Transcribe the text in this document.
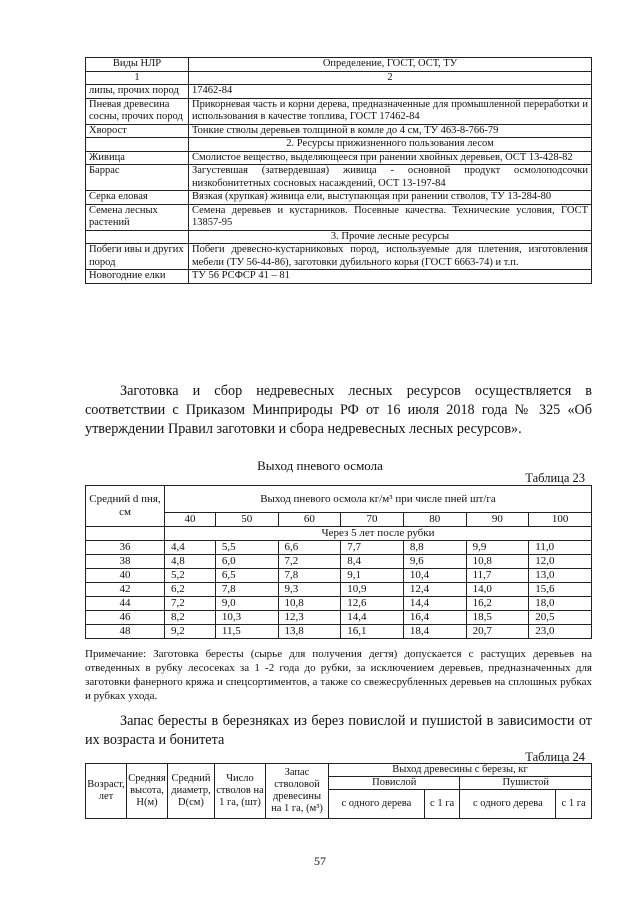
Виды НЛР	Определение, ГОСТ, ОСТ, ТУ
1	2
липы, прочих пород	17462-84
Пневая древесина сосны, прочих пород	Прикорневая часть и корни дерева, предназначенные для промышленной переработки и использования в качестве топлива, ГОСТ 17462-84
Хворост	Тонкие стволы деревьев толщиной в комле до 4 см, ТУ 463-8-766-79
	2. Ресурсы прижизненного пользования лесом
Живица	Смолистое вещество, выделяющееся при ранении хвойных деревьев, ОСТ 13-428-82
Баррас	Загустевшая (затвердевшая) живица - основной продукт осмолоподсочки низкобонитетных сосновых насаждений, ОСТ 13-197-84
Серка еловая	Вязкая (хрупкая) живица ели, выступающая при ранении стволов, ТУ 13-284-80
Семена лесных растений	Семена деревьев и кустарников. Посевные качества. Технические условия, ГОСТ 13857-95
	3. Прочие лесные ресурсы
Побеги ивы и других пород	Побеги древесно-кустарниковых пород, используемые для плетения, изготовления мебели (ТУ 56-44-86), заготовки дубильного корья (ГОСТ 6663-74) и т.п.
Новогодние елки	ТУ 56 РСФСР 41 – 81

Заготовка и сбор недревесных лесных ресурсов осуществляется в соответствии с Приказом Минприроды РФ от 16 июля 2018 года № 325 «Об утверждении Правил заготовки и сбора недревесных лесных ресурсов».

Выход пневого осмола
Таблица 23
Средний d пня, см	Выход пневого осмола кг/м³ при числе пней шт/га						
	40	50	60	70	80	90	100
	Через 5 лет после рубки						
36	4,4	5,5	6,6	7,7	8,8	9,9	11,0
38	4,8	6,0	7,2	8,4	9,6	10,8	12,0
40	5,2	6,5	7,8	9,1	10,4	11,7	13,0
42	6,2	7,8	9,3	10,9	12,4	14,0	15,6
44	7,2	9,0	10,8	12,6	14,4	16,2	18,0
46	8,2	10,3	12,3	14,4	16,4	18,5	20,5
48	9,2	11,5	13,8	16,1	18,4	20,7	23,0

Примечание: Заготовка бересты (сырье для получения дегтя) допускается с растущих деревьев на отведенных в рубку лесосеках за 1 -2 года до рубки, за исключением деревьев, предназначенных для заготовки фанерного кряжа и спецсортиментов, а также со свежесрубленных деревьев на сплошных рубках и рубках ухода.

Запас бересты в березняках из берез повислой и пушистой в зависимости от их возраста и бонитета

Таблица 24
Возраст, лет	Средняя высота, Н(м)	Средний диаметр, D(см)	Число стволов на 1 га, (шт)	Запас стволовой древесины на 1 га, (м³)	Выход древесины с березы, кг			
					Повислой		Пушистой	
					с одного дерева	с 1 га	с одного дерева	с 1 га
57
